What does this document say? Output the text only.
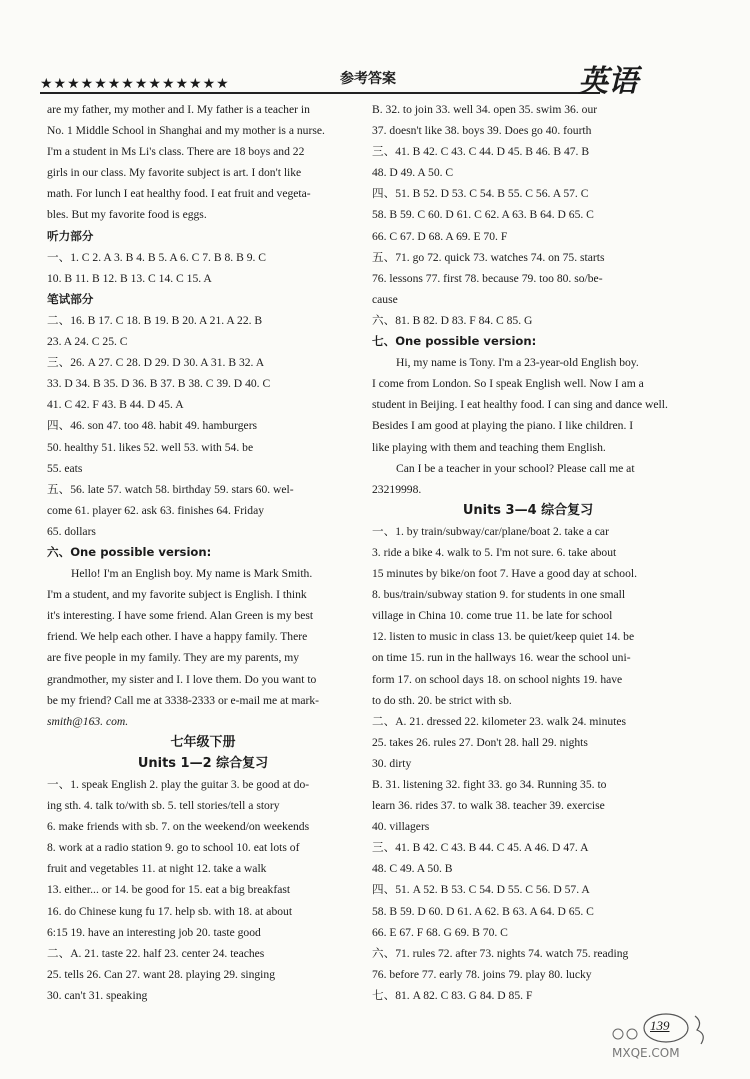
★★★★★★★★★★★★★★	参考答案	英语
are my father, my mother and I. My father is a teacher in
No. 1 Middle School in Shanghai and my mother is a nurse.
I'm a student in Ms Li's class. There are 18 boys and 22
girls in our class. My favorite subject is art. I don't like
math. For lunch I eat healthy food. I eat fruit and vegeta-
bles. But my favorite food is eggs.
听力部分
一、1. C 2. A 3. B 4. B 5. A 6. C 7. B 8. B 9. C
10. B 11. B 12. B 13. C 14. C 15. A
笔试部分
二、16. B 17. C 18. B 19. B 20. A 21. A 22. B
23. A 24. C 25. C
三、26. A 27. C 28. D 29. D 30. A 31. B 32. A
33. D 34. B 35. D 36. B 37. B 38. C 39. D 40. C
41. C 42. F 43. B 44. D 45. A
四、46. son 47. too 48. habit 49. hamburgers
50. healthy 51. likes 52. well 53. with 54. be
55. eats
五、56. late 57. watch 58. birthday 59. stars 60. wel-
come 61. player 62. ask 63. finishes 64. Friday
65. dollars
六、One possible version:
Hello! I'm an English boy. My name is Mark Smith.
I'm a student, and my favorite subject is English. I think
it's interesting. I have some friend. Alan Green is my best
friend. We help each other. I have a happy family. There
are five people in my family. They are my parents, my
grandmother, my sister and I. I love them. Do you want to
be my friend? Call me at 3338-2333 or e-mail me at mark-
smith@163. com.
七年级下册
Units 1—2 综合复习
一、1. speak English 2. play the guitar 3. be good at do-
ing sth. 4. talk to/with sb. 5. tell stories/tell a story
6. make friends with sb. 7. on the weekend/on weekends
8. work at a radio station 9. go to school 10. eat lots of
fruit and vegetables 11. at night 12. take a walk
13. either... or 14. be good for 15. eat a big breakfast
16. do Chinese kung fu 17. help sb. with 18. at about
6:15 19. have an interesting job 20. taste good
二、A. 21. taste 22. half 23. center 24. teaches
25. tells 26. Can 27. want 28. playing 29. singing
30. can't 31. speaking
B. 32. to join 33. well 34. open 35. swim 36. our
37. doesn't like 38. boys 39. Does go 40. fourth
三、41. B 42. C 43. C 44. D 45. B 46. B 47. B
48. D 49. A 50. C
四、51. B 52. D 53. C 54. B 55. C 56. A 57. C
58. B 59. C 60. D 61. C 62. A 63. B 64. D 65. C
66. C 67. D 68. A 69. E 70. F
五、71. go 72. quick 73. watches 74. on 75. starts
76. lessons 77. first 78. because 79. too 80. so/be-
cause
六、81. B 82. D 83. F 84. C 85. G
七、One possible version:
Hi, my name is Tony. I'm a 23-year-old English boy.
I come from London. So I speak English well. Now I am a
student in Beijing. I eat healthy food. I can sing and dance well.
Besides I am good at playing the piano. I like children. I
like playing with them and teaching them English.
Can I be a teacher in your school? Please call me at
23219998.
Units 3—4 综合复习
一、1. by train/subway/car/plane/boat 2. take a car
3. ride a bike 4. walk to 5. I'm not sure. 6. take about
15 minutes by bike/on foot 7. Have a good day at school.
8. bus/train/subway station 9. for students in one small
village in China 10. come true 11. be late for school
12. listen to music in class 13. be quiet/keep quiet 14. be
on time 15. run in the hallways 16. wear the school uni-
form 17. on school days 18. on school nights 19. have
to do sth. 20. be strict with sb.
二、A. 21. dressed 22. kilometer 23. walk 24. minutes
25. takes 26. rules 27. Don't 28. hall 29. nights
30. dirty
B. 31. listening 32. fight 33. go 34. Running 35. to
learn 36. rides 37. to walk 38. teacher 39. exercise
40. villagers
三、41. B 42. C 43. B 44. C 45. A 46. D 47. A
48. C 49. A 50. B
四、51. A 52. B 53. C 54. D 55. C 56. D 57. A
58. B 59. D 60. D 61. A 62. B 63. A 64. D 65. C
66. E 67. F 68. G 69. B 70. C
六、71. rules 72. after 73. nights 74. watch 75. reading
76. before 77. early 78. joins 79. play 80. lucky
七、81. A 82. C 83. G 84. D 85. F
139
MXQE.COM
